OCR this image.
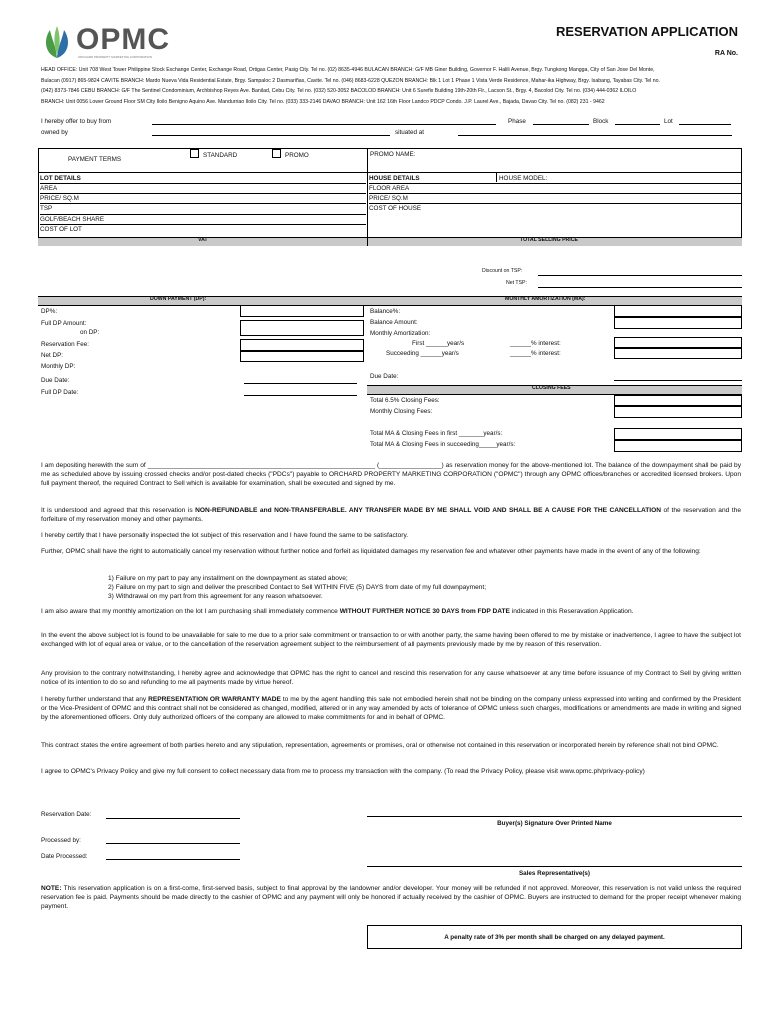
OPMC
ORCHARD PROPERTY MARKETING CORPORATION
RESERVATION APPLICATION
RA No.
HEAD OFFICE: Unit 708 West Tower Philippine Stock Exchange Center, Exchange Road, Ortigas Center, Pasig City. Tel no. (02) 8635-4946 BULACAN BRANCH: G/F MB Giner Building, Governor F. Halili Avenue, Brgy. Tungkong Mangga, City of San Jose Del Monte,
Bulacan (0917) 865-9824 CAVITE BRANCH: Mardo Nueva Vida Residential Estate, Brgy. Sampaloc 2 Dasmariñas, Cavite. Tel no. (046) 8683-6228 QUEZON BRANCH: Blk 1 Lot 1 Phase 1 Vista Verde Residence, Mahar-ika Highway, Brgy. Isabang, Tayabas City. Tel no.
(042) 8373-7846 CEBU BRANCH: G/F The Sentinel Condominium, Archbishop Reyes Ave. Banilad, Cebu City. Tel no. (032) 520-3052 BACOLOD BRANCH: Unit 6 Surefix Building 19th-20th Flr., Lacson St., Brgy. 4, Bacolod City. Tel no. (034) 444-0362 ILOILO
BRANCH: Unit 0056 Lower Ground Floor SM City Iloilo Benigno Aquino Ave. Mandurriao Iloilo City. Tel no. (033) 333-2146 DAVAO BRANCH: Unit 162 16th Floor Landco PDCP Condo. J.P. Laurel Ave., Bajada, Davao City. Tel no. (082) 231 - 9462
I hereby offer to buy from	Phase	Block	Lot
owned by	situated at
PAYMENT TERMS
STANDARD	PROMO	PROMO NAME:
LOT DETAILS
AREA
PRICE/ SQ.M
TSP
GOLF/BEACH SHARE
COST OF LOT
HOUSE DETAILS
FLOOR AREA
PRICE/ SQ.M
COST OF HOUSE
HOUSE MODEL:
VAT	TOTAL SELLING PRICE
Discount on TSP:
Net TSP:
DOWN PAYMENT (DP):	MONTHLY AMORTIZATION (MA):
DP%:
Full DP Amount:
on DP:
Reservation Fee:
Net DP:
Monthly DP:
Due Date:
Full DP Date:
Balance%:
Balance Amount:
Monthly Amortization:
First ______year/s
Succeeding ______year/s
______% interest:
______% interest:
Due Date:
CLOSING FEES
Total 6.5% Closing Fees:
Monthly Closing Fees:
Total MA & Closing Fees in first _______year/s:
Total MA & Closing Fees in succeeding_____year/s:
I am depositing herewith the sum of ______________________________________________________________ (_________________) as reservation money for the above-mentioned lot. The balance of the downpayment shall be paid by me as scheduled above by issuing crossed checks and/or post-dated checks ("PDCs") payable to ORCHARD PROPERTY MARKETING CORPORATION ("OPMC") through any OPMC offices/branches or accredited licensed brokers. Upon full payment thereof, the required Contract to Sell which is available for examination, shall be executed and signed by me.
It is understood and agreed that this reservation is NON-REFUNDABLE and NON-TRANSFERABLE. ANY TRANSFER MADE BY ME SHALL VOID AND SHALL BE A CAUSE FOR THE CANCELLATION of the reservation and the forfeiture of my reservation money and other payments.
I hereby certify that I have personally inspected the lot subject of this reservation and I have found the same to be satisfactory.
Further, OPMC shall have the right to automatically cancel my reservation without further notice and forfeit as liquidated damages my reservation fee and whatever other payments have made in the event of any of the following:
1) Failure on my part to pay any installment on the downpayment as stated above;
2) Failure on my part to sign and deliver the prescribed Contact to Sell WITHIN FIVE (5) DAYS from date of my full downpayment;
3) Withdrawal on my part from this agreement for any reason whatsoever.
I am also aware that my monthly amortization on the lot I am purchasing shall immediately commence WITHOUT FURTHER NOTICE 30 DAYS from FDP DATE indicated in this Reseravation Application.
In the event the above subject lot is found to be unavailable for sale to me due to a prior sale commitment or transaction to or with another party, the same having been offered to me by mistake or inadvertence, I agree to have the subject lot exchanged with lot of equal area or value, or to the cancellation of the reservation agreement subject to the reimbursement of all payments previously made by me by reason of this reservation.
Any provision to the contrary notwithstanding, I hereby agree and acknowledge that OPMC has the right to cancel and rescind this reservation for any cause whatsoever at any time before issuance of my Contract to Sell by giving written notice of its intention to do so and refunding to me all payments made by virtue hereof.
I hereby further understand that any REPRESENTATION OR WARRANTY MADE to me by the agent handling this sale not embodied herein shall not be binding on the company unless expressed into writing and confirmed by the President or the Vice-President of OPMC and this contract shall not be considered as changed, modified, altered or in any way amended by acts of tolerance of OPMC unless such charges, modifications or amendments are made in writing and signed by the aforementioned officers. Only duly authorized officers of the company are allowed to make commitments for and in behalf of OPMC.
This contract states the entire agreement of both parties hereto and any stipulation, representation, agreements or promises, oral or otherwise not contained in this reservation or incorporated herein by reference shall not bind OPMC.
I agree to OPMC's Privacy Policy and give my full consent to collect necessary data from me to process my transaction with the company. (To read the Privacy Policy, please visit www.opmc.ph/privacy-policy)
Reservation Date:
Buyer(s) Signature Over Printed Name
Processed by:
Date Processed:
Sales Representative(s)
NOTE: This reservation application is on a first-come, first-served basis, subject to final approval by the landowner and/or developer. Your money will be refunded if not approved. Moreover, this reservation is not valid unless the required reservation fee is paid. Payments should be made directly to the cashier of OPMC and any payment will only be honored if actually received by the cashier of OPMC. Buyers are instructed to demand for the proper receipt whenever making payment.
A penalty rate of 3% per month shall be charged on any delayed payment.
